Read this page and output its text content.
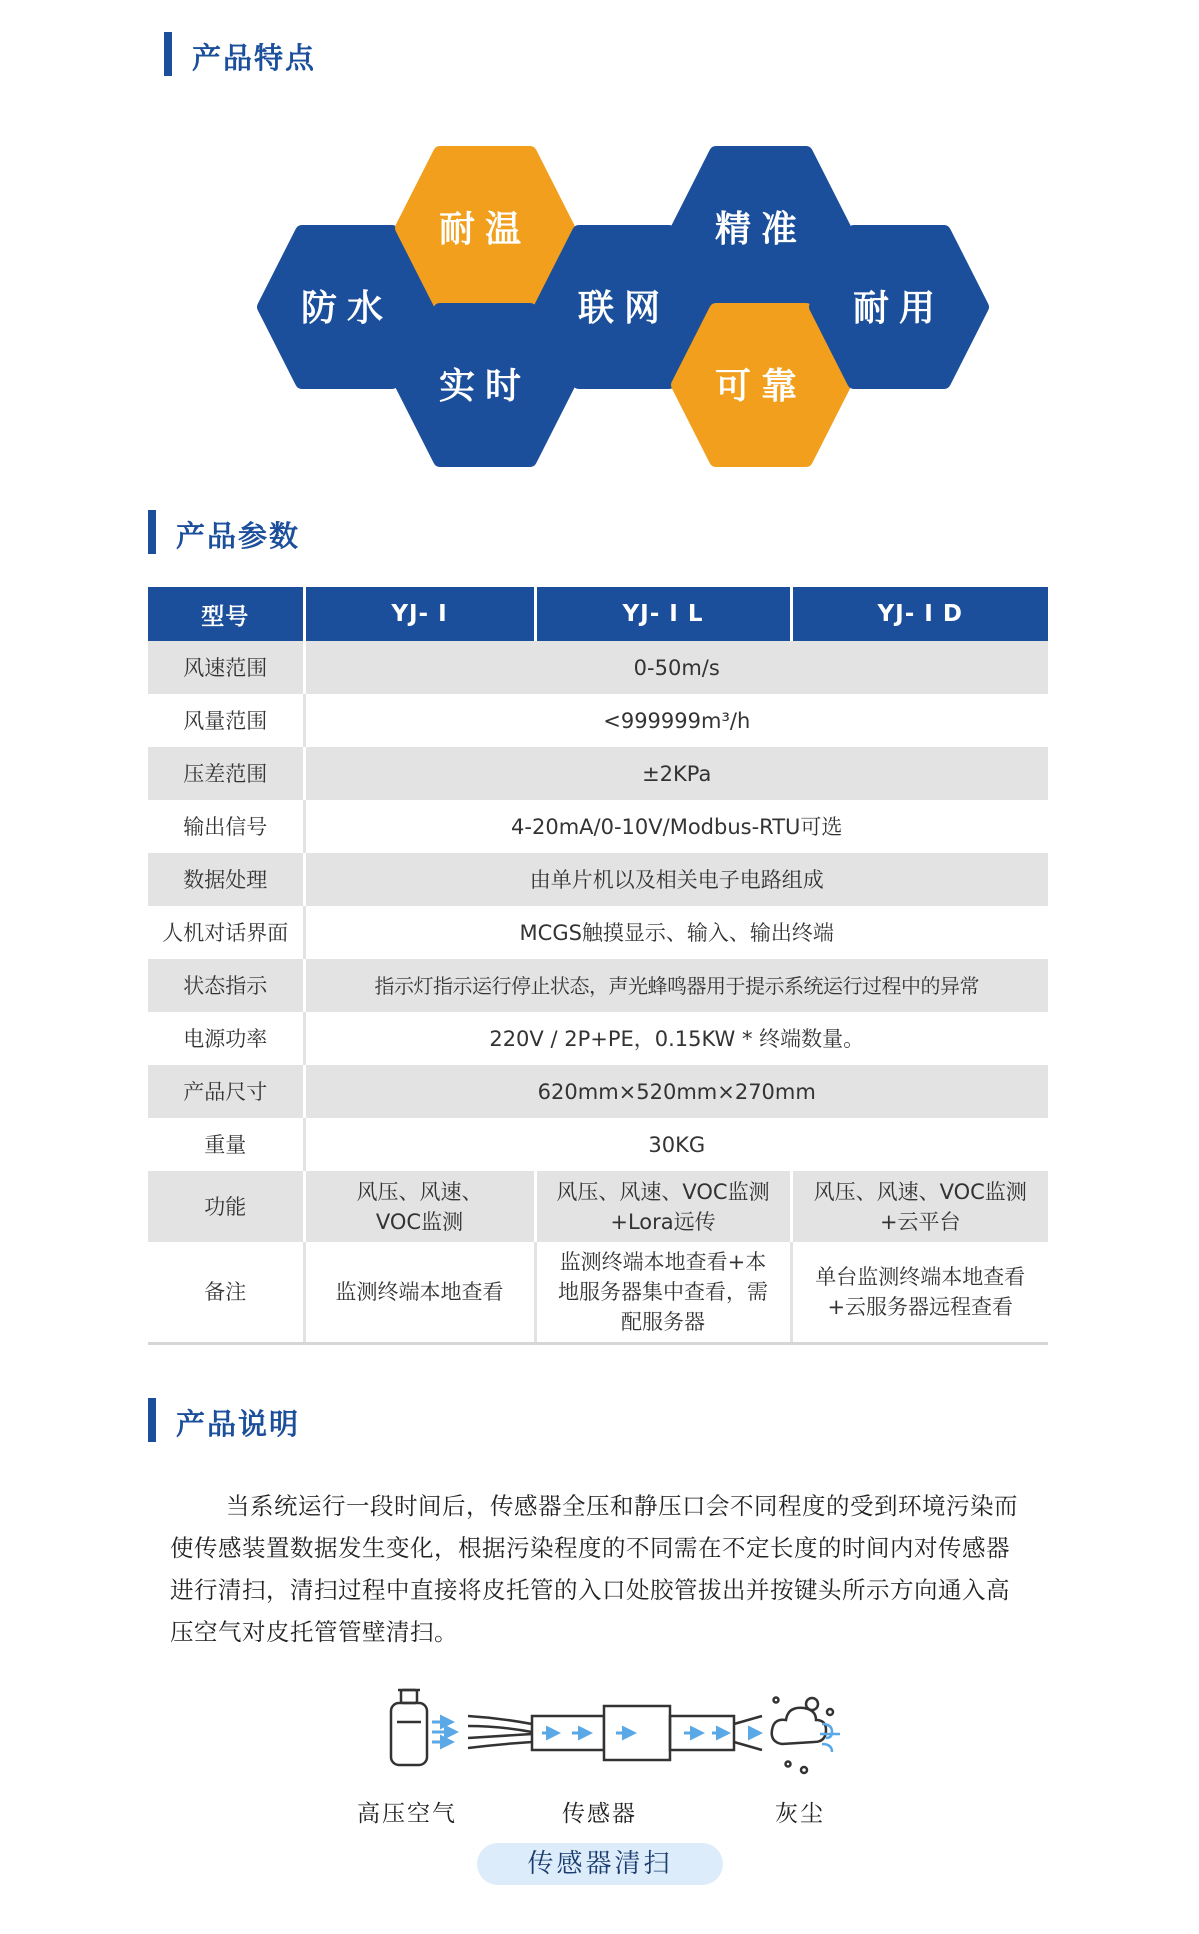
产品特点
防水
耐温
实时
联网
精准
可靠
耐用
产品参数
型号	YJ- I	YJ- I L	YJ- I D
风速范围	0-50m/s		
风量范围	<999999m³/h		
压差范围	±2KPa		
输出信号	4-20mA/0-10V/Modbus-RTU可选		
数据处理	由单片机以及相关电子电路组成		
人机对话界面	MCGS触摸显示、输入、输出终端		
状态指示	指示灯指示运行停止状态，声光蜂鸣器用于提示系统运行过程中的异常		
电源功率	220V / 2P+PE，0.15KW * 终端数量。		
产品尺寸	620mm×520mm×270mm		
重量	30KG		
功能	风压、风速、VOC监测	风压、风速、VOC监测+Lora远传	风压、风速、VOC监测+云平台
备注	监测终端本地查看	监测终端本地查看+本地服务器集中查看，需配服务器	单台监测终端本地查看+云服务器远程查看
产品说明
当系统运行一段时间后，传感器全压和静压口会不同程度的受到环境污染而使传感装置数据发生变化，根据污染程度的不同需在不定长度的时间内对传感器进行清扫，清扫过程中直接将皮托管的入口处胶管拔出并按键头所示方向通入高压空气对皮托管管壁清扫。
高压空气	传感器	灰尘
传感器清扫
